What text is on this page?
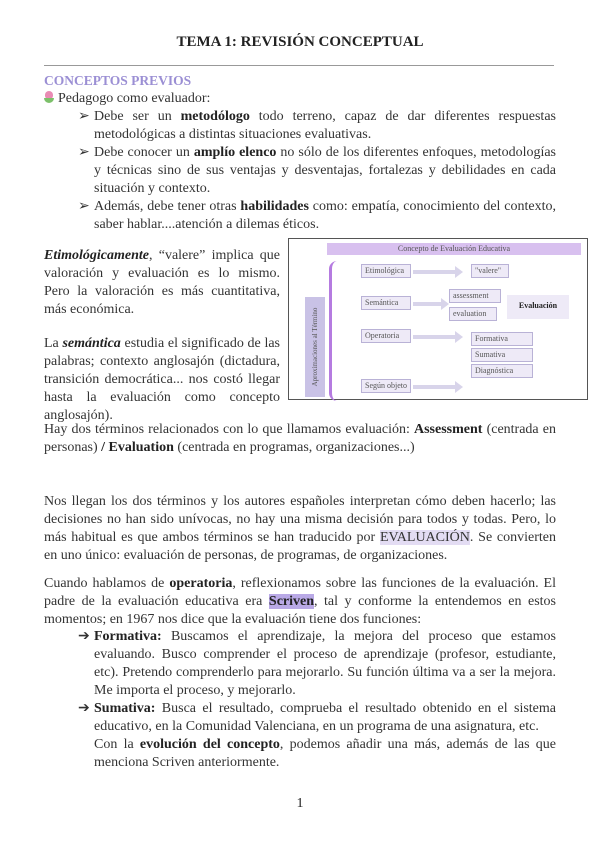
TEMA 1: REVISIÓN CONCEPTUAL
CONCEPTOS PREVIOS
Pedagogo como evaluador:
➢ Debe ser un metodólogo todo terreno, capaz de dar diferentes respuestas metodológicas a distintas situaciones evaluativas.
➢ Debe conocer un amplío elenco no sólo de los diferentes enfoques, metodologías y técnicas sino de sus ventajas y desventajas, fortalezas y debilidades en cada situación y contexto.
➢ Además, debe tener otras habilidades como: empatía, conocimiento del contexto, saber hablar....atención a dilemas éticos.
Etimológicamente, “valere” implica que valoración y evaluación es lo mismo. Pero la valoración es más cuantitativa, más económica.
La semántica estudia el significado de las palabras; contexto anglosajón (dictadura, transición democrática... nos costó llegar hasta la evaluación como concepto anglosajón).
Concepto de Evaluación Educativa
Aproximaciones al Término
Etimológica	"valere"
Semántica
assessment
evaluation
Evaluación
Operatoria	Formativa
Sumativa
Diagnóstica
Según objeto
Hay dos términos relacionados con lo que llamamos evaluación: Assessment (centrada en personas) / Evaluation (centrada en programas, organizaciones...)
Nos llegan los dos términos y los autores españoles interpretan cómo deben hacerlo; las decisiones no han sido unívocas, no hay una misma decisión para todos y todas. Pero, lo más habitual es que ambos términos se han traducido por EVALUACIÓN. Se convierten en uno único: evaluación de personas, de programas, de organizaciones.
Cuando hablamos de operatoria, reflexionamos sobre las funciones de la evaluación. El padre de la evaluación educativa era Scriven, tal y conforme la entendemos en estos momentos; en 1967 nos dice que la evaluación tiene dos funciones:
➔ Formativa: Buscamos el aprendizaje, la mejora del proceso que estamos evaluando. Busco comprender el proceso de aprendizaje (profesor, estudiante, etc). Pretendo comprenderlo para mejorarlo. Su función última va a ser la mejora. Me importa el proceso, y mejorarlo.
➔ Sumativa: Busca el resultado, comprueba el resultado obtenido en el sistema educativo, en la Comunidad Valenciana, en un programa de una asignatura, etc.
Con la evolución del concepto, podemos añadir una más, además de las que menciona Scriven anteriormente.
1
